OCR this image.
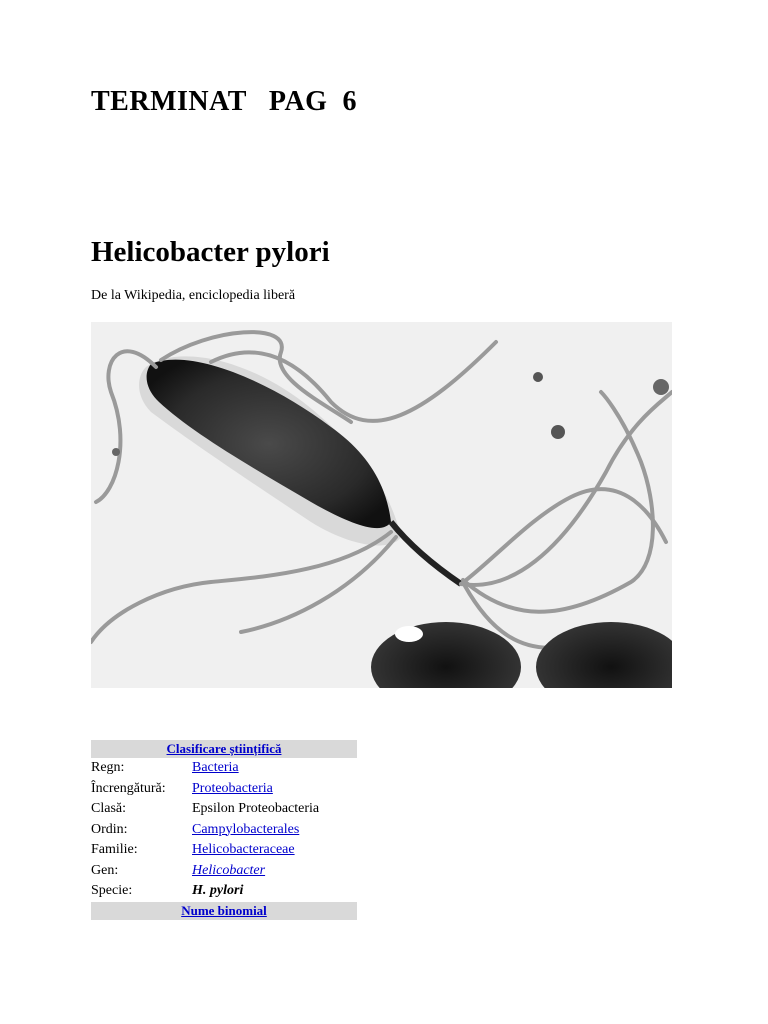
TERMINAT   PAG  6
Helicobacter pylori

De la Wikipedia, enciclopedia liberă

Clasificare științifică
Regn:	Bacteria
Încrengătură:	Proteobacteria
Clasă:	Epsilon Proteobacteria
Ordin:	Campylobacterales
Familie:	Helicobacteraceae
Gen:	Helicobacter
Specie:	H. pylori
Nume binomial
